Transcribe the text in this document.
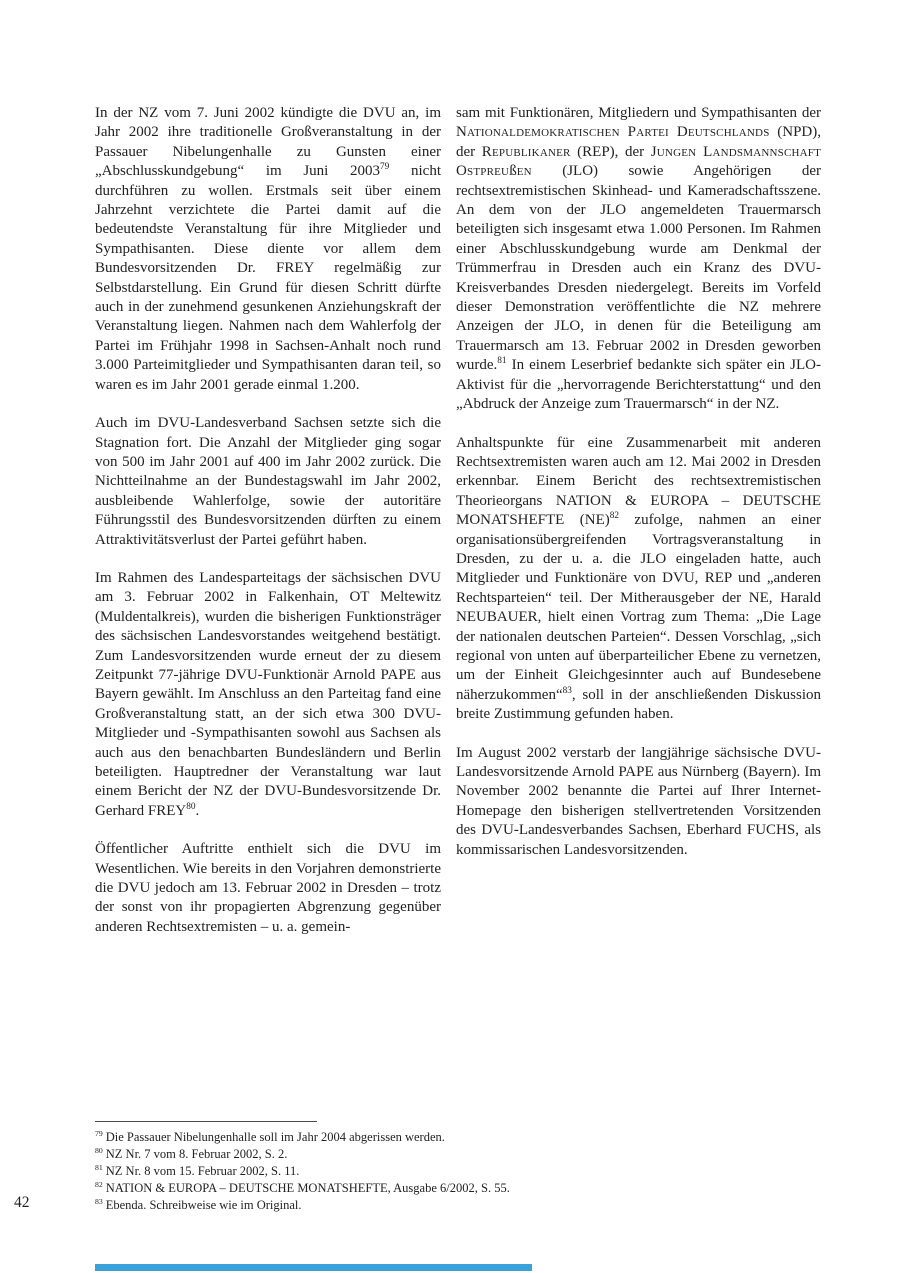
In der NZ vom 7. Juni 2002 kündigte die DVU an, im Jahr 2002 ihre traditionelle Großveranstaltung in der Passauer Nibelungenhalle zu Gunsten einer „Abschlusskundgebung“ im Juni 2003$^{79}$ nicht durchführen zu wollen. Erstmals seit über einem Jahrzehnt verzichtete die Partei damit auf die bedeutendste Veranstaltung für ihre Mitglieder und Sympathisanten. Diese diente vor allem dem Bundesvorsitzenden Dr. FREY regelmäßig zur Selbstdarstellung. Ein Grund für diesen Schritt dürfte auch in der zunehmend gesunkenen Anziehungskraft der Veranstaltung liegen. Nahmen nach dem Wahlerfolg der Partei im Frühjahr 1998 in Sachsen-Anhalt noch rund 3.000 Parteimitglieder und Sympathisanten daran teil, so waren es im Jahr 2001 gerade einmal 1.200.

Auch im DVU-Landesverband Sachsen setzte sich die Stagnation fort. Die Anzahl der Mitglieder ging sogar von 500 im Jahr 2001 auf 400 im Jahr 2002 zurück. Die Nichtteilnahme an der Bundestagswahl im Jahr 2002, ausbleibende Wahlerfolge, sowie der autoritäre Führungsstil des Bundesvorsitzenden dürften zu einem Attraktivitätsverlust der Partei geführt haben.

Im Rahmen des Landesparteitags der sächsischen DVU am 3. Februar 2002 in Falkenhain, OT Meltewitz (Muldentalkreis), wurden die bisherigen Funktionsträger des sächsischen Landesvorstandes weitgehend bestätigt. Zum Landesvorsitzenden wurde erneut der zu diesem Zeitpunkt 77-jährige DVU-Funktionär Arnold PAPE aus Bayern gewählt. Im Anschluss an den Parteitag fand eine Großveranstaltung statt, an der sich etwa 300 DVU-Mitglieder und -Sympathisanten sowohl aus Sachsen als auch aus den benachbarten Bundesländern und Berlin beteiligten. Hauptredner der Veranstaltung war laut einem Bericht der NZ der DVU-Bundesvorsitzende Dr. Gerhard FREY$^{80}$.

Öffentlicher Auftritte enthielt sich die DVU im Wesentlichen. Wie bereits in den Vorjahren demonstrierte die DVU jedoch am 13. Februar 2002 in Dresden – trotz der sonst von ihr propagierten Abgrenzung gegenüber anderen Rechtsextremisten – u. a. gemein-

sam mit Funktionären, Mitgliedern und Sympathisanten der Nationaldemokratischen Partei Deutschlands (NPD), der Republikaner (REP), der Jungen Landsmannschaft Ostpreußen (JLO) sowie Angehörigen der rechtsextremistischen Skinhead- und Kameradschaftsszene. An dem von der JLO angemeldeten Trauermarsch beteiligten sich insgesamt etwa 1.000 Personen. Im Rahmen einer Abschlusskundgebung wurde am Denkmal der Trümmerfrau in Dresden auch ein Kranz des DVU-Kreisverbandes Dresden niedergelegt. Bereits im Vorfeld dieser Demonstration veröffentlichte die NZ mehrere Anzeigen der JLO, in denen für die Beteiligung am Trauermarsch am 13. Februar 2002 in Dresden geworben wurde.$^{81}$ In einem Leserbrief bedankte sich später ein JLO-Aktivist für die „hervorragende Berichterstattung“ und den „Abdruck der Anzeige zum Trauermarsch“ in der NZ.

Anhaltspunkte für eine Zusammenarbeit mit anderen Rechtsextremisten waren auch am 12. Mai 2002 in Dresden erkennbar. Einem Bericht des rechtsextremistischen Theorieorgans NATION & EUROPA – DEUTSCHE MONATSHEFTE (NE)$^{82}$ zufolge, nahmen an einer organisationsübergreifenden Vortragsveranstaltung in Dresden, zu der u. a. die JLO eingeladen hatte, auch Mitglieder und Funktionäre von DVU, REP und „anderen Rechtsparteien“ teil. Der Mitherausgeber der NE, Harald NEUBAUER, hielt einen Vortrag zum Thema: „Die Lage der nationalen deutschen Parteien“. Dessen Vorschlag, „sich regional von unten auf überparteilicher Ebene zu vernetzen, um der Einheit Gleichgesinnter auch auf Bundesebene näherzukommen“$^{83}$, soll in der anschließenden Diskussion breite Zustimmung gefunden haben.

Im August 2002 verstarb der langjährige sächsische DVU-Landesvorsitzende Arnold PAPE aus Nürnberg (Bayern). Im November 2002 benannte die Partei auf Ihrer Internet-Homepage den bisherigen stellvertretenden Vorsitzenden des DVU-Landesverbandes Sachsen, Eberhard FUCHS, als kommissarischen Landesvorsitzenden.

$^{79}$ Die Passauer Nibelungenhalle soll im Jahr 2004 abgerissen werden.
$^{80}$ NZ Nr. 7 vom 8. Februar 2002, S. 2.
$^{81}$ NZ Nr. 8 vom 15. Februar 2002, S. 11.
$^{82}$ NATION & EUROPA – DEUTSCHE MONATSHEFTE, Ausgabe 6/2002, S. 55.
$^{83}$ Ebenda. Schreibweise wie im Original.
42
